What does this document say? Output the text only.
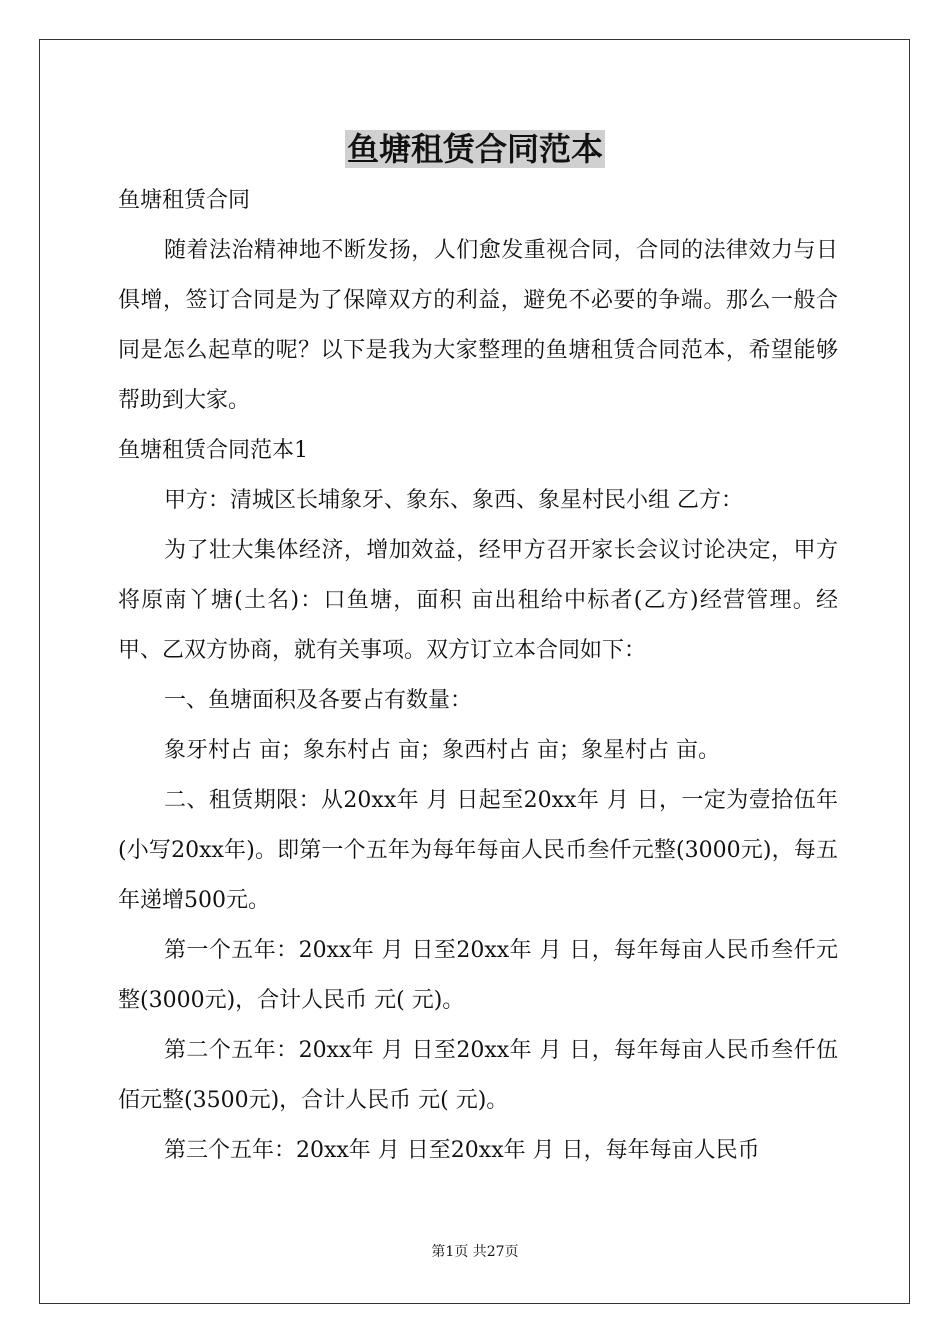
鱼塘租赁合同范本

鱼塘租赁合同

随着法治精神地不断发扬，人们愈发重视合同，合同的法律效力与日俱增，签订合同是为了保障双方的利益，避免不必要的争端。那么一般合同是怎么起草的呢？以下是我为大家整理的鱼塘租赁合同范本，希望能够帮助到大家。

鱼塘租赁合同范本1

甲方：清城区长埔象牙、象东、象西、象星村民小组 乙方：

为了壮大集体经济，增加效益，经甲方召开家长会议讨论决定，甲方将原南丫塘(土名)：口鱼塘，面积 亩出租给中标者(乙方)经营管理。经甲、乙双方协商，就有关事项。双方订立本合同如下：

一、鱼塘面积及各要占有数量：

象牙村占 亩；象东村占 亩；象西村占 亩；象星村占 亩。

二、租赁期限：从20xx年 月 日起至20xx年 月 日，一定为壹拾伍年(小写20xx年)。即第一个五年为每年每亩人民币叁仟元整(3000元)，每五年递增500元。

第一个五年：20xx年 月 日至20xx年 月 日，每年每亩人民币叁仟元整(3000元)，合计人民币 元( 元)。

第二个五年：20xx年 月 日至20xx年 月 日，每年每亩人民币叁仟伍佰元整(3500元)，合计人民币 元( 元)。

第三个五年：20xx年 月 日至20xx年 月 日，每年每亩人民币

第1页 共27页
